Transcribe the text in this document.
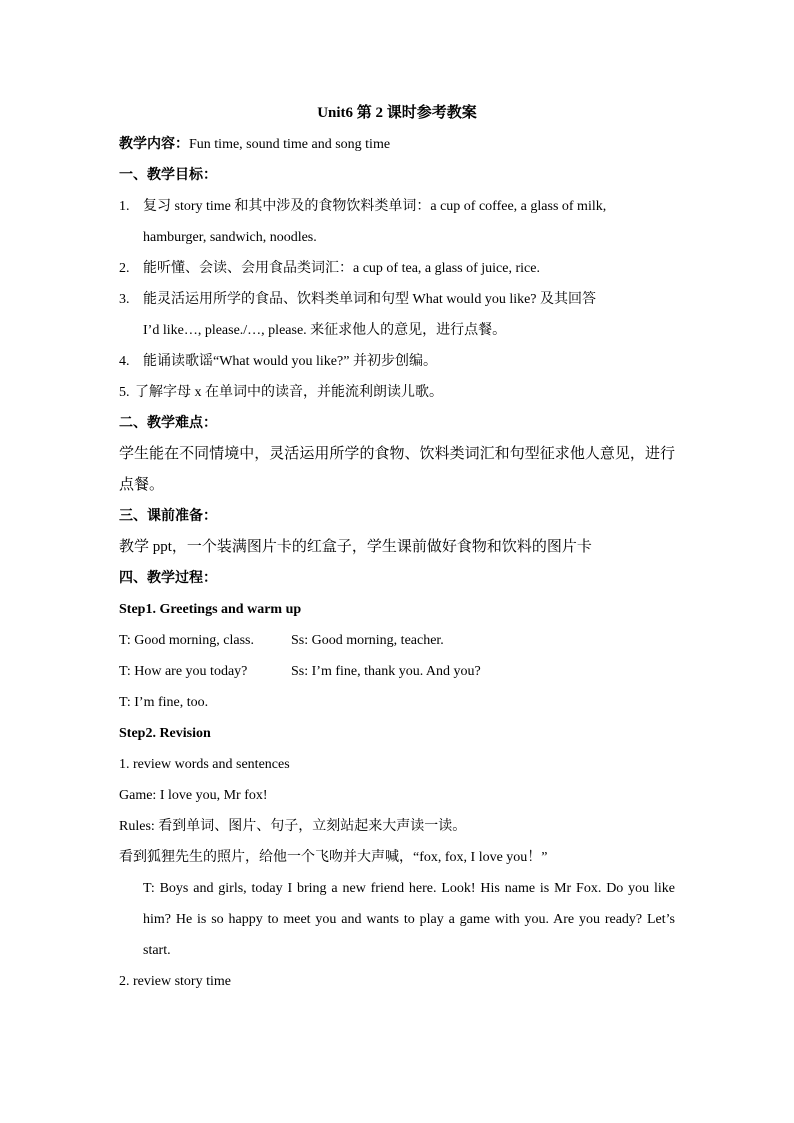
Unit6 第 2 课时参考教案
教学内容：Fun time, sound time and song time
一、教学目标：
1. 复习 story time 和其中涉及的食物饮料类单词：a cup of coffee, a glass of milk,
hamburger, sandwich, noodles.
2. 能听懂、会读、会用食品类词汇：a cup of tea, a glass of juice, rice.
3. 能灵活运用所学的食品、饮料类单词和句型 What would you like? 及其回答
I’d like…, please./…, please. 来征求他人的意见，进行点餐。
4. 能诵读歌谣“What would you like?” 并初步创编。
5. 了解字母 x 在单词中的读音，并能流利朗读儿歌。
二、教学难点：
学生能在不同情境中，灵活运用所学的食物、饮料类词汇和句型征求他人意见，进行点餐。
三、课前准备：
教学 ppt，一个装满图片卡的红盒子，学生课前做好食物和饮料的图片卡
四、教学过程：
Step1. Greetings and warm up
T: Good morning, class.	Ss: Good morning, teacher.
T: How are you today?	Ss: I’m fine, thank you. And you?
T: I’m fine, too.
Step2. Revision
1. review words and sentences
Game: I love you, Mr fox!
Rules: 看到单词、图片、句子，立刻站起来大声读一读。
看到狐狸先生的照片，给他一个飞吻并大声喊，“fox, fox, I love you！”
T: Boys and girls, today I bring a new friend here. Look! His name is Mr Fox. Do you like him? He is so happy to meet you and wants to play a game with you. Are you ready? Let’s start.
2. review story time
